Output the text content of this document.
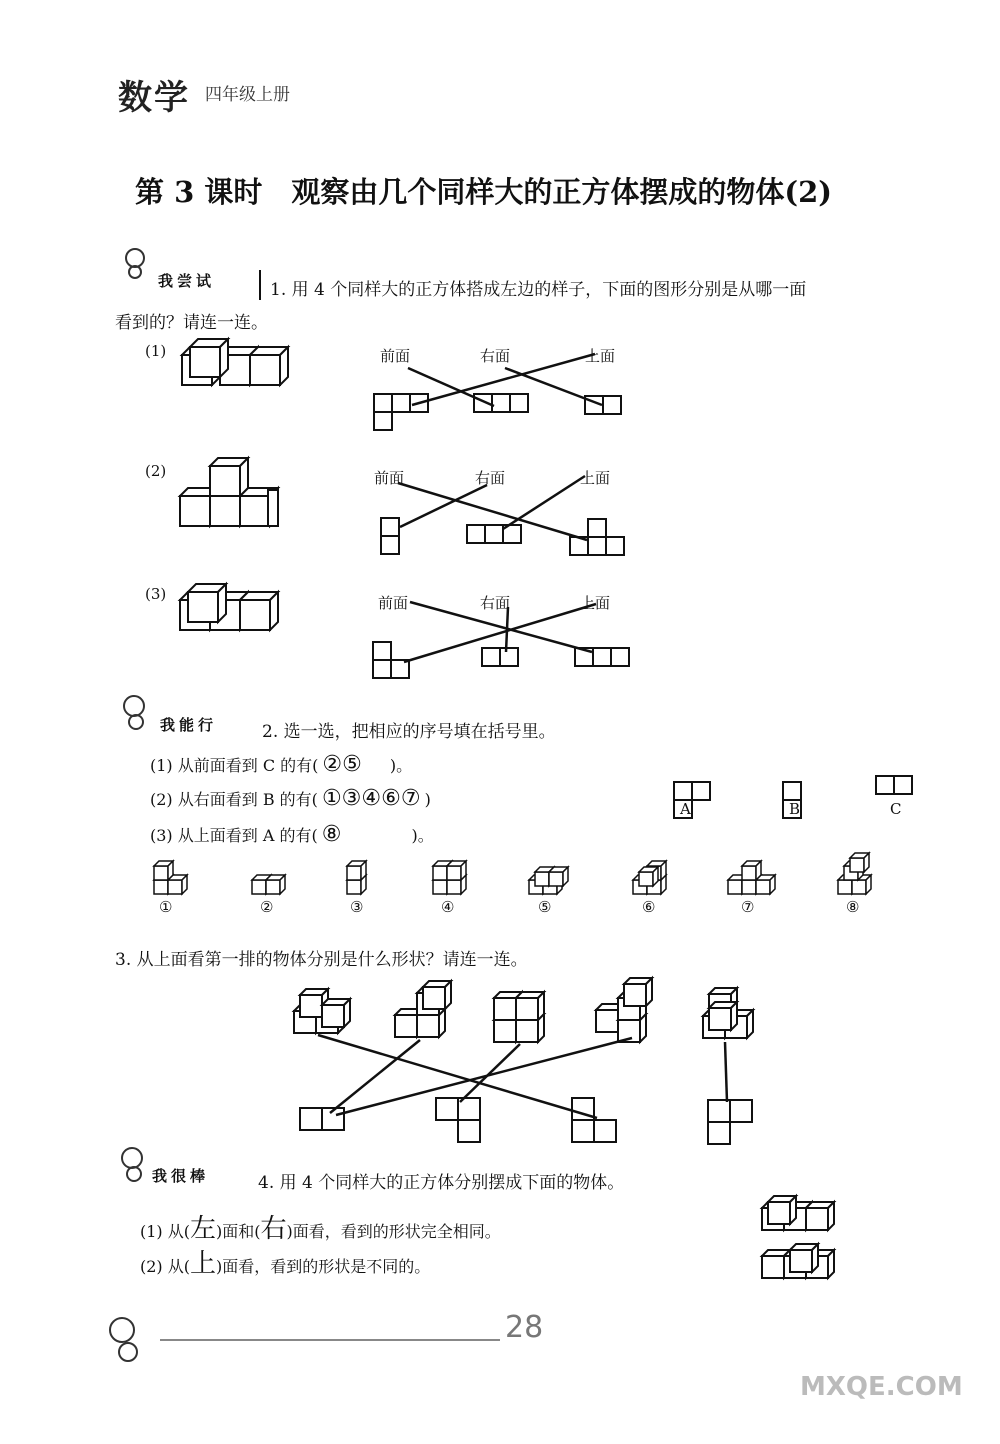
数学 四年级上册
第 3 课时　观察由几个同样大的正方体摆成的物体(2)
我尝试	1. 用 4 个同样大的正方体搭成左边的样子，下面的图形分别是从哪一面
看到的？请连一连。
(1)	前面	右面	上面
(2)	前面	右面	上面
(3)	前面	右面	上面
我能行	2. 选一选，把相应的序号填在括号里。
(1) 从前面看到 C 的有( ②⑤ )。
(2) 从右面看到 B 的有( ①③④⑥⑦ )
(3) 从上面看到 A 的有( ⑧	)。
A	B	C
①	②	③	④	⑤	⑥	⑦	⑧
3. 从上面看第一排的物体分别是什么形状？请连一连。
我很棒	4. 用 4 个同样大的正方体分别摆成下面的物体。
(1) 从(左)面和(右)面看，看到的形状完全相同。
(2) 从(上)面看，看到的形状是不同的。
28
MXQE.COM
